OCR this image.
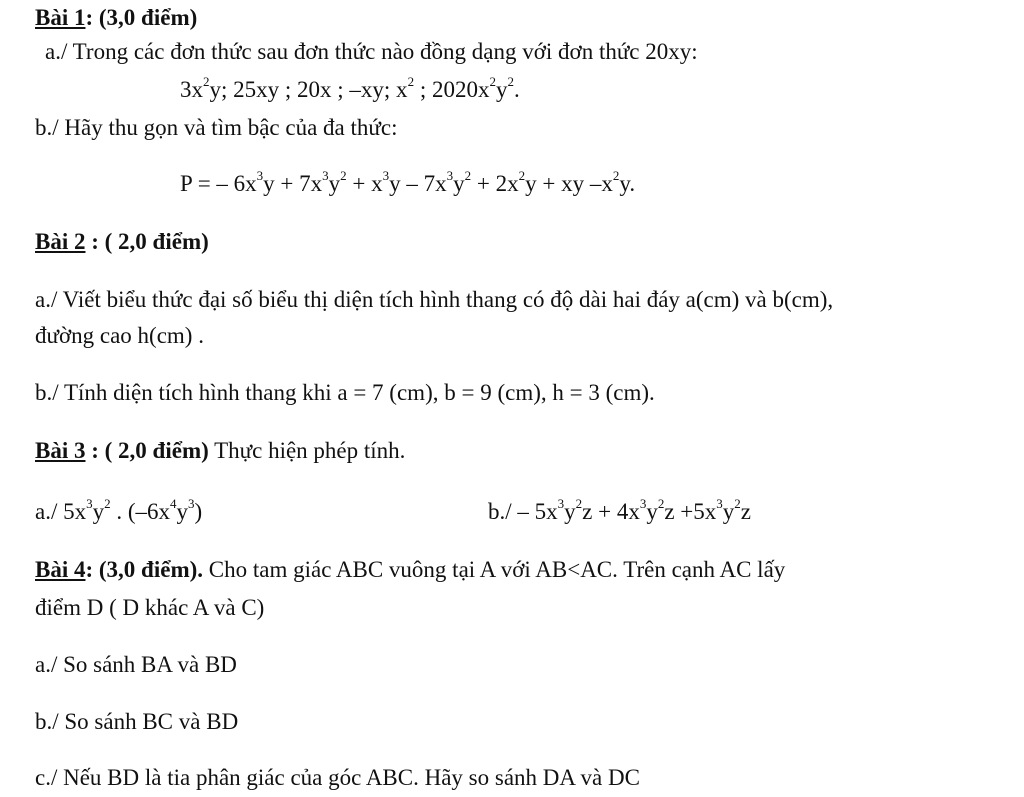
Bài 1: (3,0 điểm)
a./ Trong các đơn thức sau đơn thức nào đồng dạng với đơn thức 20xy:
$3x^2y$; 25xy ; 20x ; –xy; $x^2$ ; $2020x^2y^2$.
b./ Hãy thu gọn và tìm bậc của đa thức:
P = – $6x^3y + 7x^3y^2 + x^3y - 7x^3y^2 + 2x^2y$ + xy $-x^2y$.
Bài 2 : ( 2,0 điểm)
a./ Viết biểu thức đại số biểu thị diện tích hình thang có độ dài hai đáy a(cm) và b(cm),
đường cao h(cm) .
b./ Tính diện tích hình thang khi a = 7 (cm), b = 9 (cm), h = 3 (cm).
Bài 3 : ( 2,0 điểm) Thực hiện phép tính.
a./ $5x^3y^2$ . $(-6x^4y^3)$	$b./ - 5x^3y^2z + 4x^3y^2z +5x^3y^2z$
Bài 4: (3,0 điểm). Cho tam giác ABC vuông tại A với AB<AC. Trên cạnh AC lấy
điểm D ( D khác A và C)
a./ So sánh BA và BD
b./ So sánh BC và BD
c./ Nếu BD là tia phân giác của góc ABC. Hãy so sánh DA và DC
